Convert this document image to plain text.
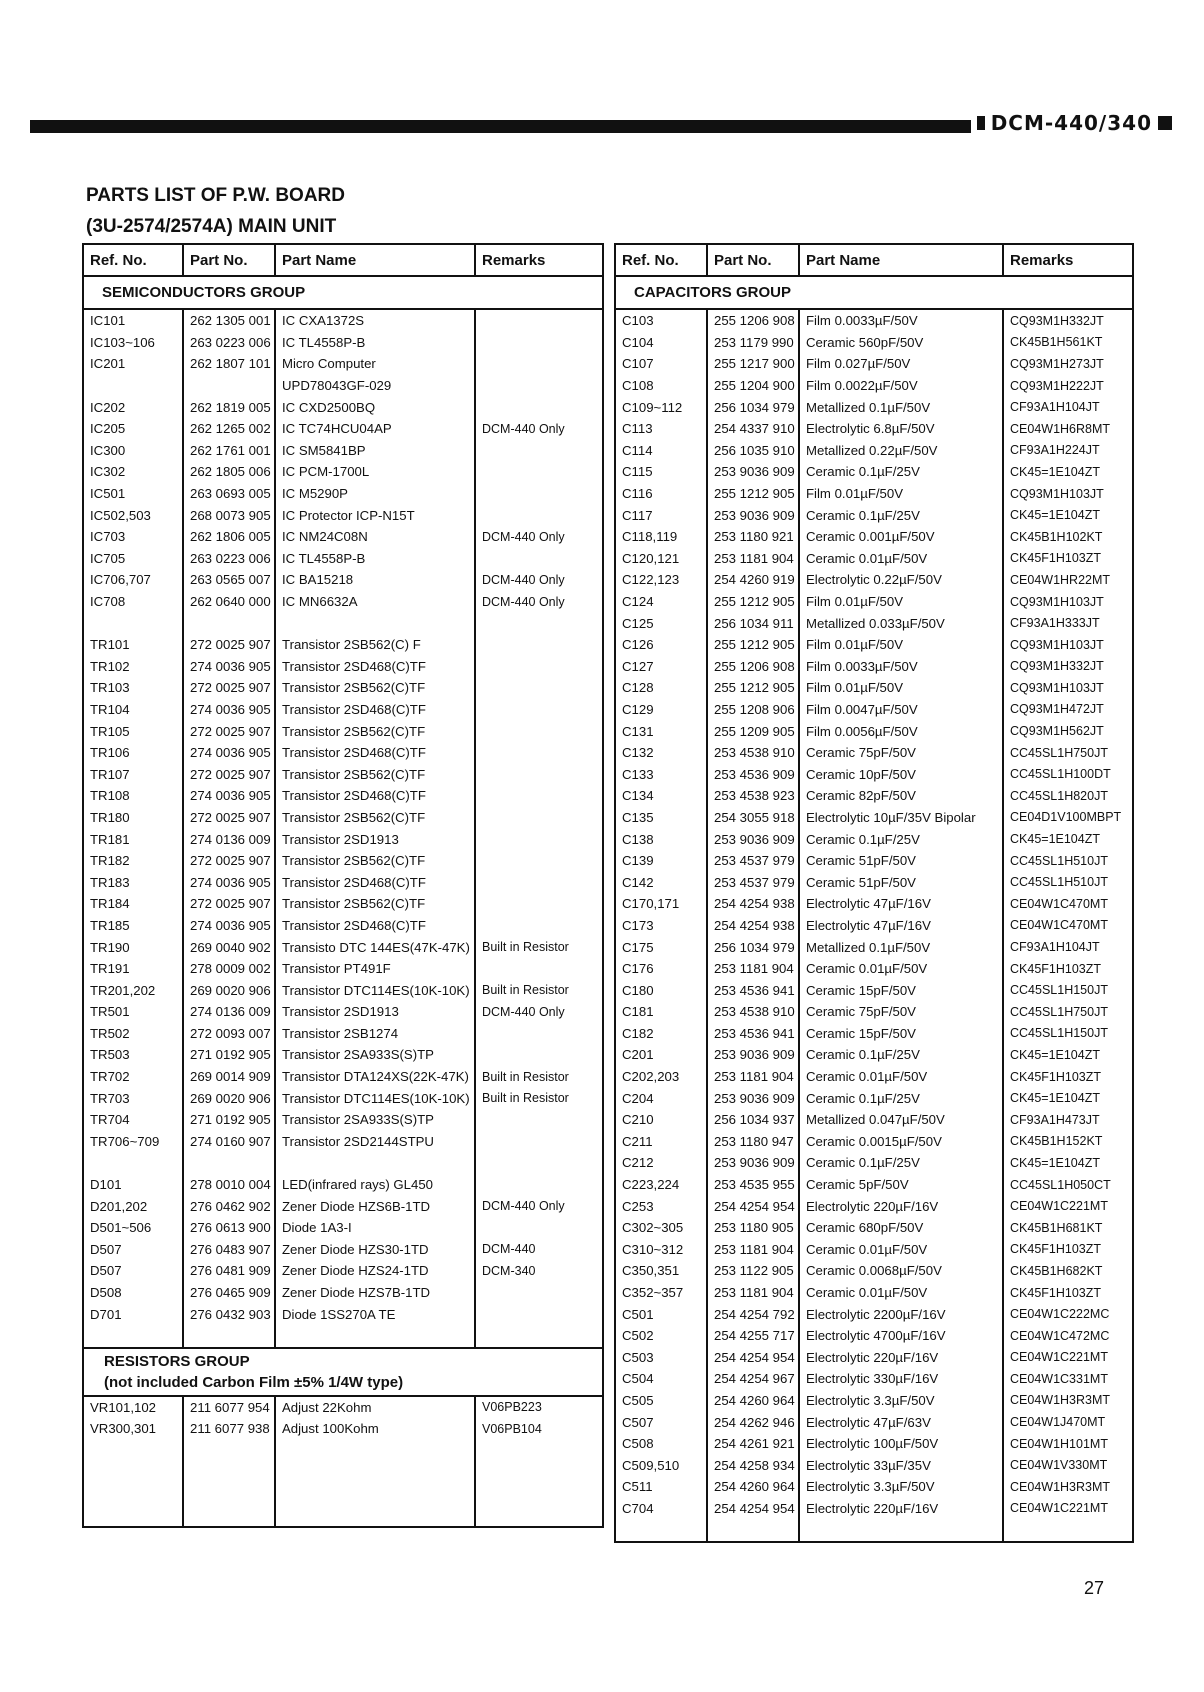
DCM-440/340
PARTS LIST OF P.W. BOARD
(3U-2574/2574A) MAIN UNIT
Ref. No.	Part No.	Part Name	Remarks
SEMICONDUCTORS GROUP			
IC101	262 1305 001	IC CXA1372S	
IC103~106	263 0223 006	IC TL4558P-B	
IC201	262 1807 101	Micro Computer	
		UPD78043GF-029	
IC202	262 1819 005	IC CXD2500BQ	
IC205	262 1265 002	IC TC74HCU04AP	DCM-440 Only
IC300	262 1761 001	IC SM5841BP	
IC302	262 1805 006	IC PCM-1700L	
IC501	263 0693 005	IC M5290P	
IC502,503	268 0073 905	IC Protector ICP-N15T	
IC703	262 1806 005	IC NM24C08N	DCM-440 Only
IC705	263 0223 006	IC TL4558P-B	
IC706,707	263 0565 007	IC BA15218	DCM-440 Only
IC708	262 0640 000	IC MN6632A	DCM-440 Only

TR101	272 0025 907	Transistor 2SB562(C) F	
TR102	274 0036 905	Transistor 2SD468(C)TF	
TR103	272 0025 907	Transistor 2SB562(C)TF	
TR104	274 0036 905	Transistor 2SD468(C)TF	
TR105	272 0025 907	Transistor 2SB562(C)TF	
TR106	274 0036 905	Transistor 2SD468(C)TF	
TR107	272 0025 907	Transistor 2SB562(C)TF	
TR108	274 0036 905	Transistor 2SD468(C)TF	
TR180	272 0025 907	Transistor 2SB562(C)TF	
TR181	274 0136 009	Transistor 2SD1913	
TR182	272 0025 907	Transistor 2SB562(C)TF	
TR183	274 0036 905	Transistor 2SD468(C)TF	
TR184	272 0025 907	Transistor 2SB562(C)TF	
TR185	274 0036 905	Transistor 2SD468(C)TF	
TR190	269 0040 902	Transisto DTC 144ES(47K-47K)	Built in Resistor
TR191	278 0009 002	Transistor PT491F	
TR201,202	269 0020 906	Transistor DTC114ES(10K-10K)	Built in Resistor
TR501	274 0136 009	Transistor 2SD1913	DCM-440 Only
TR502	272 0093 007	Transistor 2SB1274	
TR503	271 0192 905	Transistor 2SA933S(S)TP	
TR702	269 0014 909	Transistor DTA124XS(22K-47K)	Built in Resistor
TR703	269 0020 906	Transistor DTC114ES(10K-10K)	Built in Resistor
TR704	271 0192 905	Transistor 2SA933S(S)TP	
TR706~709	274 0160 907	Transistor 2SD2144STPU	

D101	278 0010 004	LED(infrared rays) GL450	
D201,202	276 0462 902	Zener Diode HZS6B-1TD	DCM-440 Only
D501~506	276 0613 900	Diode 1A3-I	
D507	276 0483 907	Zener Diode HZS30-1TD	DCM-440
D507	276 0481 909	Zener Diode HZS24-1TD	DCM-340
D508	276 0465 909	Zener Diode HZS7B-1TD	
D701	276 0432 903	Diode 1SS270A TE	

RESISTORS GROUP
(not included Carbon Film ±5% 1/4W type)			

VR101,102	211 6077 954	Adjust 22Kohm	V06PB223
VR300,301	211 6077 938	Adjust 100Kohm	V06PB104

Ref. No.	Part No.	Part Name	Remarks
CAPACITORS GROUP			
C103	255 1206 908	Film 0.0033µF/50V	CQ93M1H332JT
C104	253 1179 990	Ceramic 560pF/50V	CK45B1H561KT
C107	255 1217 900	Film 0.027µF/50V	CQ93M1H273JT
C108	255 1204 900	Film 0.0022µF/50V	CQ93M1H222JT
C109~112	256 1034 979	Metallized 0.1µF/50V	CF93A1H104JT
C113	254 4337 910	Electrolytic 6.8µF/50V	CE04W1H6R8MT
C114	256 1035 910	Metallized 0.22µF/50V	CF93A1H224JT
C115	253 9036 909	Ceramic 0.1µF/25V	CK45=1E104ZT
C116	255 1212 905	Film 0.01µF/50V	CQ93M1H103JT
C117	253 9036 909	Ceramic 0.1µF/25V	CK45=1E104ZT
C118,119	253 1180 921	Ceramic 0.001µF/50V	CK45B1H102KT
C120,121	253 1181 904	Ceramic 0.01µF/50V	CK45F1H103ZT
C122,123	254 4260 919	Electrolytic 0.22µF/50V	CE04W1HR22MT
C124	255 1212 905	Film 0.01µF/50V	CQ93M1H103JT
C125	256 1034 911	Metallized 0.033µF/50V	CF93A1H333JT
C126	255 1212 905	Film 0.01µF/50V	CQ93M1H103JT
C127	255 1206 908	Film 0.0033µF/50V	CQ93M1H332JT
C128	255 1212 905	Film 0.01µF/50V	CQ93M1H103JT
C129	255 1208 906	Film 0.0047µF/50V	CQ93M1H472JT
C131	255 1209 905	Film 0.0056µF/50V	CQ93M1H562JT
C132	253 4538 910	Ceramic 75pF/50V	CC45SL1H750JT
C133	253 4536 909	Ceramic 10pF/50V	CC45SL1H100DT
C134	253 4538 923	Ceramic 82pF/50V	CC45SL1H820JT
C135	254 3055 918	Electrolytic 10µF/35V Bipolar	CE04D1V100MBPT
C138	253 9036 909	Ceramic 0.1µF/25V	CK45=1E104ZT
C139	253 4537 979	Ceramic 51pF/50V	CC45SL1H510JT
C142	253 4537 979	Ceramic 51pF/50V	CC45SL1H510JT
C170,171	254 4254 938	Electrolytic 47µF/16V	CE04W1C470MT
C173	254 4254 938	Electrolytic 47µF/16V	CE04W1C470MT
C175	256 1034 979	Metallized 0.1µF/50V	CF93A1H104JT
C176	253 1181 904	Ceramic 0.01µF/50V	CK45F1H103ZT
C180	253 4536 941	Ceramic 15pF/50V	CC45SL1H150JT
C181	253 4538 910	Ceramic 75pF/50V	CC45SL1H750JT
C182	253 4536 941	Ceramic 15pF/50V	CC45SL1H150JT
C201	253 9036 909	Ceramic 0.1µF/25V	CK45=1E104ZT
C202,203	253 1181 904	Ceramic 0.01µF/50V	CK45F1H103ZT
C204	253 9036 909	Ceramic 0.1µF/25V	CK45=1E104ZT
C210	256 1034 937	Metallized 0.047µF/50V	CF93A1H473JT
C211	253 1180 947	Ceramic 0.0015µF/50V	CK45B1H152KT
C212	253 9036 909	Ceramic 0.1µF/25V	CK45=1E104ZT
C223,224	253 4535 955	Ceramic 5pF/50V	CC45SL1H050CT
C253	254 4254 954	Electrolytic 220µF/16V	CE04W1C221MT
C302~305	253 1180 905	Ceramic 680pF/50V	CK45B1H681KT
C310~312	253 1181 904	Ceramic 0.01µF/50V	CK45F1H103ZT
C350,351	253 1122 905	Ceramic 0.0068µF/50V	CK45B1H682KT
C352~357	253 1181 904	Ceramic 0.01µF/50V	CK45F1H103ZT
C501	254 4254 792	Electrolytic 2200µF/16V	CE04W1C222MC
C502	254 4255 717	Electrolytic 4700µF/16V	CE04W1C472MC
C503	254 4254 954	Electrolytic 220µF/16V	CE04W1C221MT
C504	254 4254 967	Electrolytic 330µF/16V	CE04W1C331MT
C505	254 4260 964	Electrolytic 3.3µF/50V	CE04W1H3R3MT
C507	254 4262 946	Electrolytic 47µF/63V	CE04W1J470MT
C508	254 4261 921	Electrolytic 100µF/50V	CE04W1H101MT
C509,510	254 4258 934	Electrolytic 33µF/35V	CE04W1V330MT
C511	254 4260 964	Electrolytic 3.3µF/50V	CE04W1H3R3MT
C704	254 4254 954	Electrolytic 220µF/16V	CE04W1C221MT

27
